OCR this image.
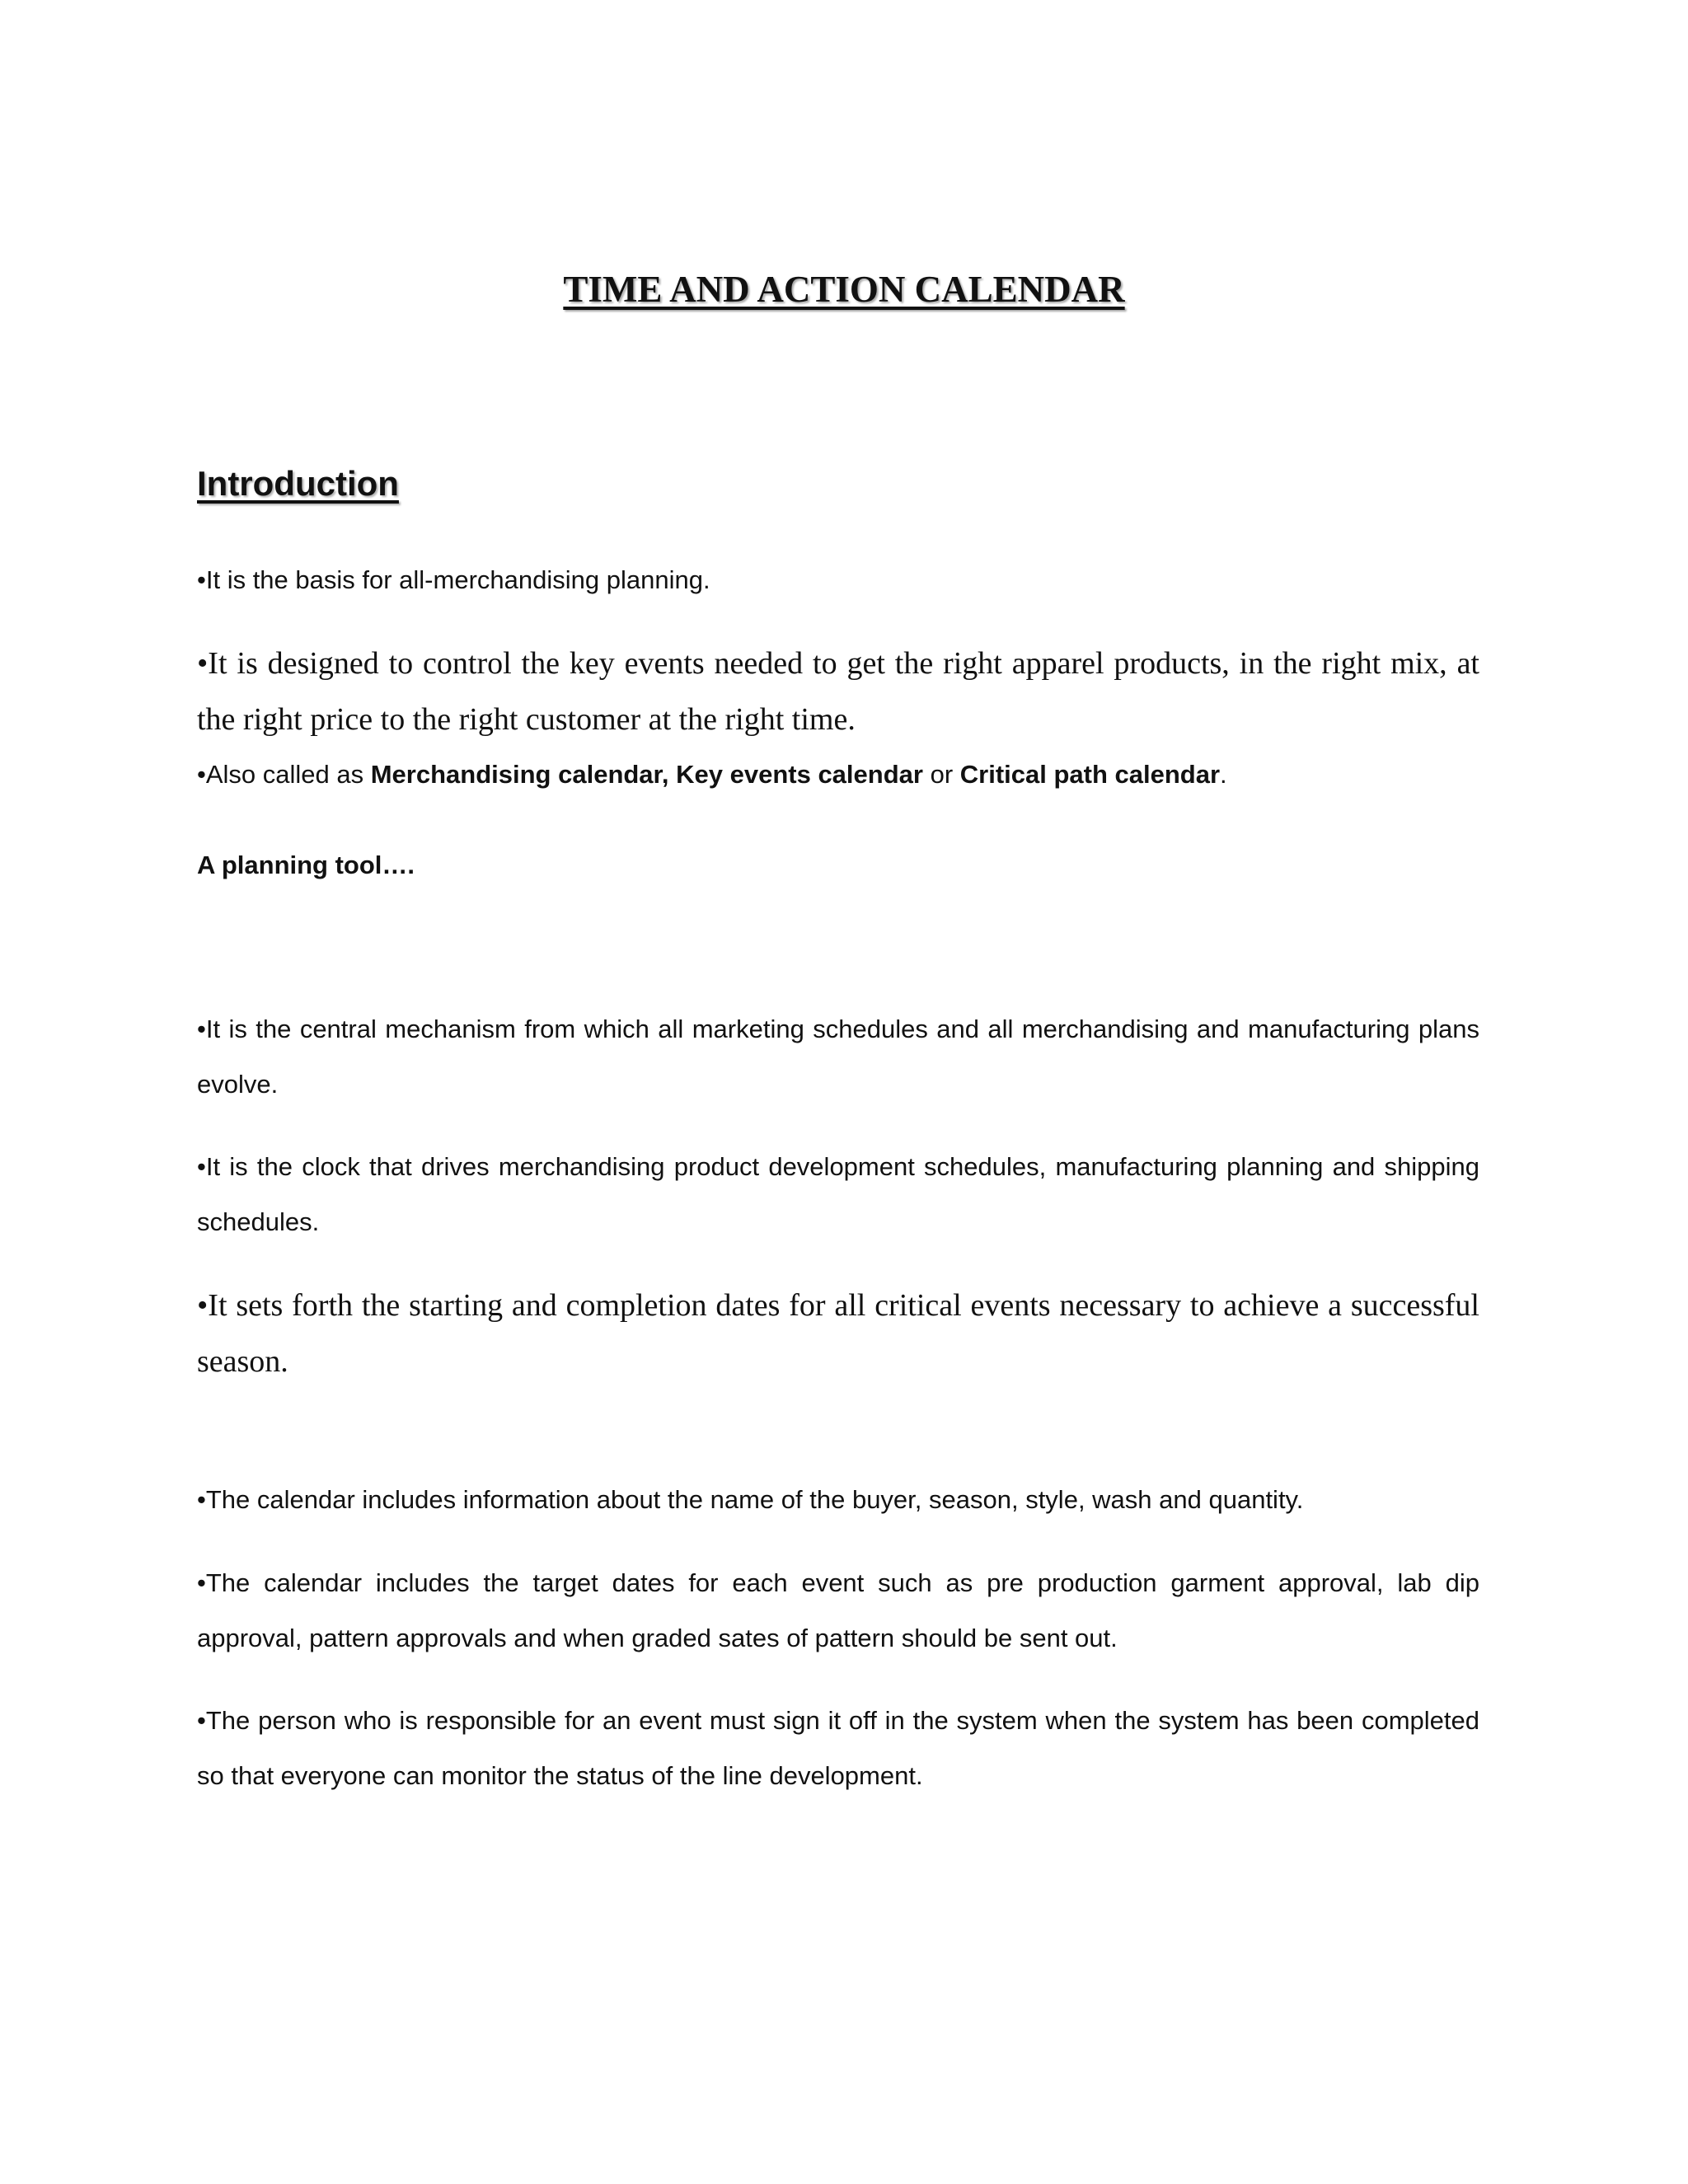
TIME AND ACTION CALENDAR
Introduction

•It is the basis for all-merchandising planning.

•It is designed to control the key events needed to get the right apparel products, in the right mix, at the right price to the right customer at the right time.

•Also called as Merchandising calendar, Key events calendar or Critical path calendar.

A planning tool….

•It is the central mechanism from which all marketing schedules and all merchandising and manufacturing plans evolve.

•It is the clock that drives merchandising product development schedules, manufacturing planning and shipping schedules.

•It sets forth the starting and completion dates for all critical events necessary to achieve a successful season.

•The calendar includes information about the name of the buyer, season, style, wash and quantity.

•The calendar includes the target dates for each event such as pre production garment approval, lab dip approval, pattern approvals and when graded sates of pattern should be sent out.

•The person who is responsible for an event must sign it off in the system when the system has been completed so that everyone can monitor the status of the line development.
